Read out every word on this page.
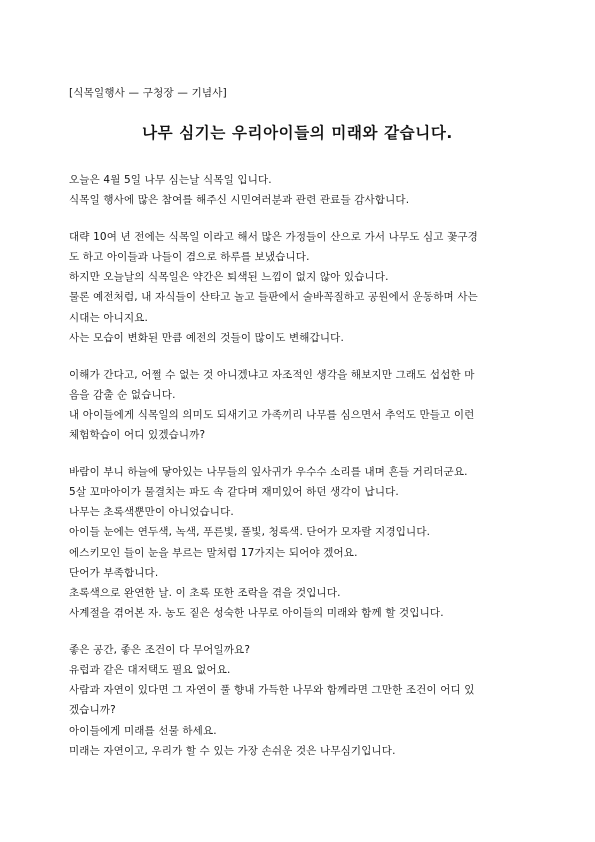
[식목일행사 — 구청장 — 기념사]
나무 심기는 우리아이들의 미래와 같습니다.
오늘은 4월 5일 나무 심는날 식목일 입니다.
식목일 행사에 많은 참여를 해주신 시민여러분과 관련 관료들 감사합니다.
대략 10여 년 전에는 식목일 이라고 해서 많은 가정들이 산으로 가서 나무도 심고 꽃구경
도 하고 아이들과 나들이 겸으로 하루를 보냈습니다.
하지만 오늘날의 식목일은 약간은 퇴색된 느낌이 없지 않아 있습니다.
물론 예전처럼, 내 자식들이 산타고 놀고 들판에서 술바꼭질하고 공원에서 운동하며 사는
시대는 아니지요.
사는 모습이 변화된 만큼 예전의 것들이 많이도 변해갑니다.
이해가 간다고, 어쩔 수 없는 것 아니겠냐고 자조적인 생각을 해보지만 그래도 섭섭한 마
음을 감출 순 없습니다.
내 아이들에게 식목일의 의미도 되새기고 가족끼리 나무를 심으면서 추억도 만들고 이런
체험학습이 어디 있겠습니까?
바람이 부니 하늘에 닿아있는 나무들의 잎사귀가 우수수 소리를 내며 흔들 거리더군요.
5살 꼬마아이가 물결치는 파도 속 같다며 재미있어 하던 생각이 납니다.
나무는 초록색뿐만이 아니었습니다.
아이들 눈에는 연두색, 녹색, 푸른빛, 풀빛, 청록색. 단어가 모자랄 지경입니다.
에스키모인 들이 눈을 부르는 말처럼 17가지는 되어야 겠어요.
단어가 부족합니다.
초록색으로 완연한 날. 이 초록 또한 조락을 겪을 것입니다.
사계절을 겪어본 자. 농도 짙은 성숙한 나무로 아이들의 미래와 함께 할 것입니다.
좋은 공간, 좋은 조건이 다 무어일까요?
유럽과 같은 대저택도 필요 없어요.
사람과 자연이 있다면 그 자연이 풀 향내 가득한 나무와 함께라면 그만한 조건이 어디 있
겠습니까?
아이들에게 미래를 선물 하세요.
미래는 자연이고, 우리가 할 수 있는 가장 손쉬운 것은 나무심기입니다.
